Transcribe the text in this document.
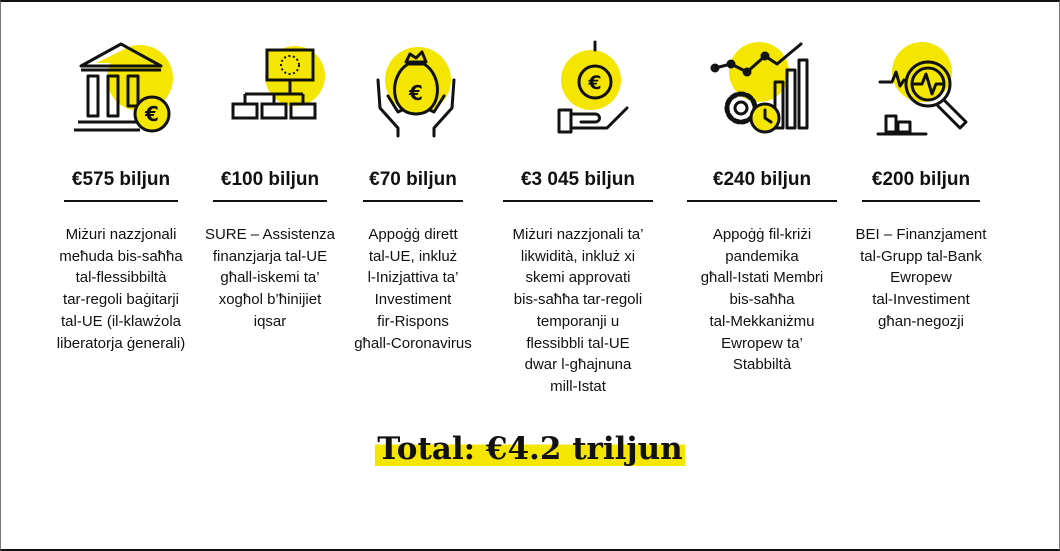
€
€575 biljun
Miżuri nazzjonali
meħuda bis-saħħa
tal-flessibbiltà
tar-regoli baġitarji
tal-UE (il-klawżola
liberatorja ġenerali)
€100 biljun
SURE – Assistenza
finanzjarja tal-UE
għall-iskemi ta’
xogħol b’ħinijiet
iqsar
€
€70 biljun
Appoġġ dirett
tal-UE, inkluż
l-Inizjattiva ta’
Investiment
fir-Rispons
għall-Coronavirus
€
€3 045 biljun
Miżuri nazzjonali ta’
likwidità, inkluż xi
skemi approvati
bis-saħħa tar-regoli
temporanji u
flessibbli tal-UE
dwar l-għajnuna
mill-Istat
€240 biljun
Appoġġ fil-kriżi
pandemika
għall-Istati Membri
bis-saħħa
tal-Mekkaniżmu
Ewropew ta’
Stabbiltà
€200 biljun
BEI – Finanzjament
tal-Grupp tal-Bank
Ewropew
tal-Investiment
għan-negozji
Total: €4.2 triljun
